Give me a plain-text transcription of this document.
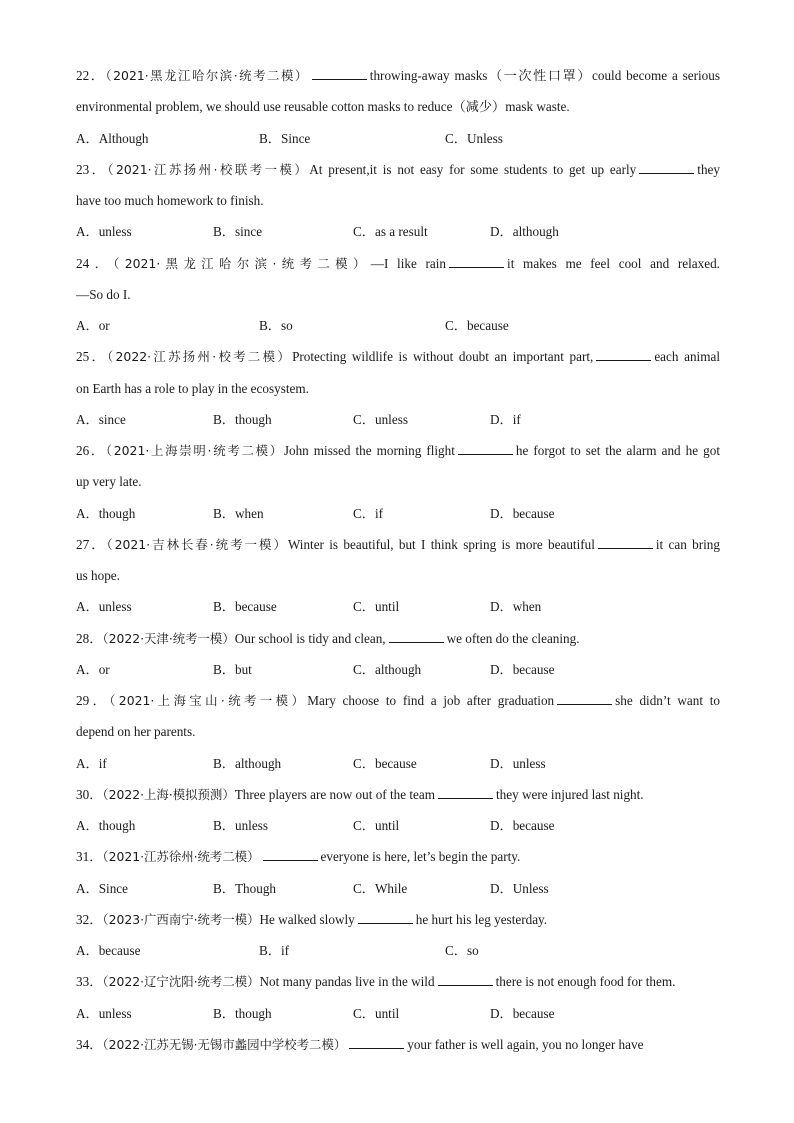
22．（2021·黑龙江哈尔滨·统考二模）	throwing-away masks（一次性口罩）could become a serious
environmental problem, we should use reusable cotton masks to reduce（减少）mask waste.
A．Although	B．Since	C．Unless
23．（2021·江苏扬州·校联考一模）At present,it is not easy for some students to get up early	they
have too much homework to finish.
A．unless	B．since	C．as a result	D．although
24．（2021·黑龙江哈尔滨·统考二模）—I like rain	it makes me feel cool and relaxed.
—So do I.
A．or	B．so	C．because
25．（2022·江苏扬州·校考二模）Protecting wildlife is without doubt an important part,	each animal
on Earth has a role to play in the ecosystem.
A．since	B．though	C．unless	D．if
26．（2021·上海崇明·统考二模）John missed the morning flight	he forgot to set the alarm and he got
up very late.
A．though	B．when	C．if	D．because
27．（2021·吉林长春·统考一模）Winter is beautiful, but I think spring is more beautiful	it can bring
us hope.
A．unless	B．because	C．until	D．when
28．（2022·天津·统考一模）Our school is tidy and clean,	we often do the cleaning.
A．or	B．but	C．although	D．because
29．（2021·上海宝山·统考一模）Mary choose to find a job after graduation	she didn’t want to
depend on her parents.
A．if	B．although	C．because	D．unless
30．（2022·上海·模拟预测）Three players are now out of the team	they were injured last night.
A．though	B．unless	C．until	D．because
31．（2021·江苏徐州·统考二模）	everyone is here, let’s begin the party.
A．Since	B．Though	C．While	D．Unless
32．（2023·广西南宁·统考一模）He walked slowly	he hurt his leg yesterday.
A．because	B．if	C．so
33．（2022·辽宁沈阳·统考二模）Not many pandas live in the wild	there is not enough food for them.
A．unless	B．though	C．until	D．because
34．（2022·江苏无锡·无锡市蠡园中学校考二模）	your father is well again, you no longer have
